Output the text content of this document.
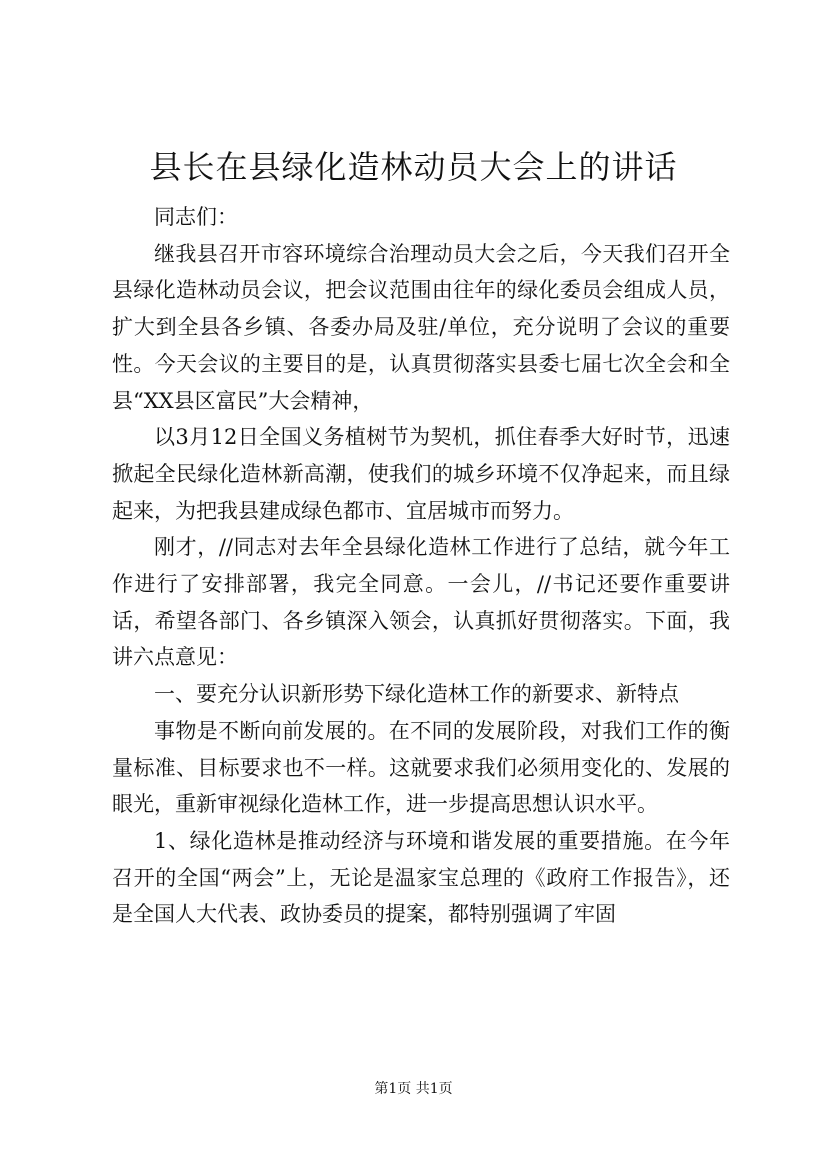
县长在县绿化造林动员大会上的讲话

同志们：

继我县召开市容环境综合治理动员大会之后，今天我们召开全县绿化造林动员会议，把会议范围由往年的绿化委员会组成人员，扩大到全县各乡镇、各委办局及驻/单位，充分说明了会议的重要性。今天会议的主要目的是，认真贯彻落实县委七届七次全会和全县“XX县区富民”大会精神，

以3月12日全国义务植树节为契机，抓住春季大好时节，迅速掀起全民绿化造林新高潮，使我们的城乡环境不仅净起来，而且绿起来，为把我县建成绿色都市、宜居城市而努力。

刚才，//同志对去年全县绿化造林工作进行了总结，就今年工作进行了安排部署，我完全同意。一会儿，//书记还要作重要讲话，希望各部门、各乡镇深入领会，认真抓好贯彻落实。下面，我讲六点意见：

一、要充分认识新形势下绿化造林工作的新要求、新特点

事物是不断向前发展的。在不同的发展阶段，对我们工作的衡量标准、目标要求也不一样。这就要求我们必须用变化的、发展的眼光，重新审视绿化造林工作，进一步提高思想认识水平。

1、绿化造林是推动经济与环境和谐发展的重要措施。在今年召开的全国“两会”上，无论是温家宝总理的《政府工作报告》，还是全国人大代表、政协委员的提案，都特别强调了牢固

第1页 共1页
